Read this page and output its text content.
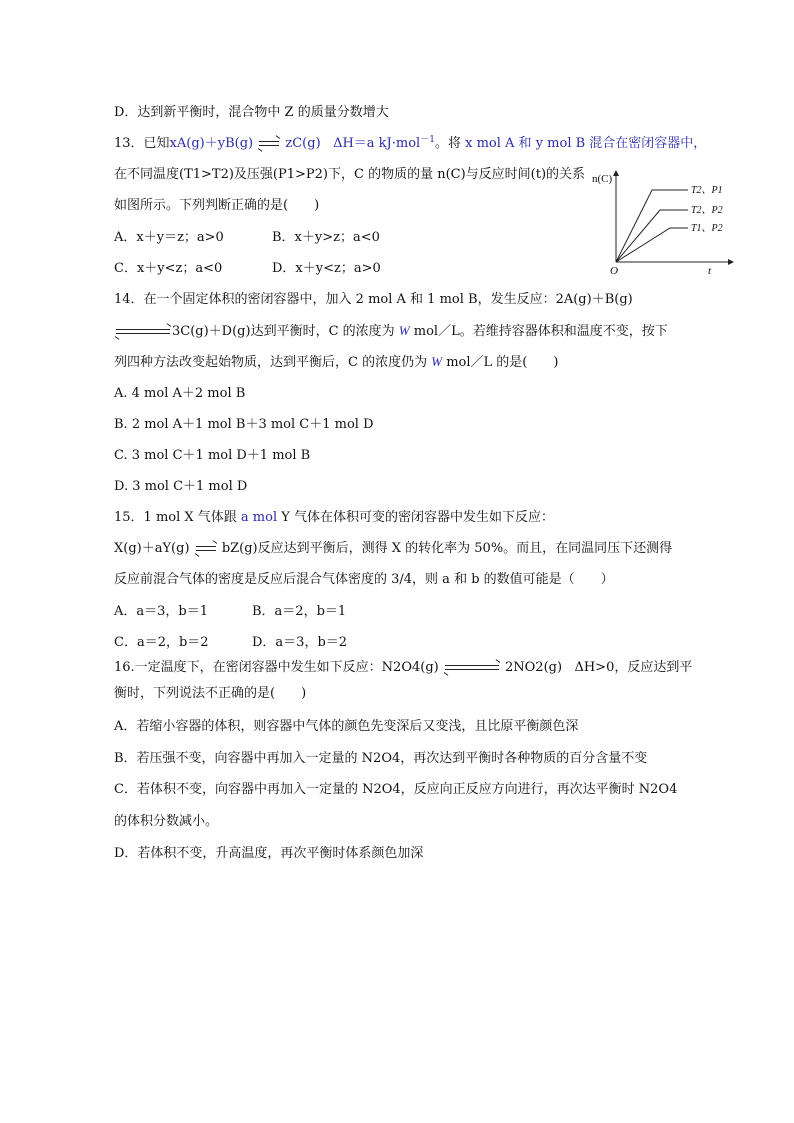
D．达到新平衡时，混合物中 Z 的质量分数增大
13．已知xA(g)＋yB(g) zC(g) ΔH＝a kJ·mol$^{-1}$。将 x mol A 和 y mol B 混合在密闭容器中，
在不同温度(T1>T2)及压强(P1>P2)下，C 的物质的量 n(C)与反应时间(t)的关系
如图所示。下列判断正确的是(　　)
A．x＋y＝z；a>0	B．x＋y>z；a<0
C．x＋y<z；a<0	D．x＋y<z；a>0
n(C)
t
O
T2、P1
T2、P2
T1、P2
14．在一个固定体积的密闭容器中，加入 2 mol A 和 1 mol B，发生反应：2A(g)＋B(g)
3C(g)＋D(g)达到平衡时，C 的浓度为 W mol／L。若维持容器体积和温度不变，按下
列四种方法改变起始物质，达到平衡后，C 的浓度仍为 W mol／L 的是(　　)
A. 4 mol A＋2 mol B
B. 2 mol A＋1 mol B＋3 mol C＋1 mol D
C. 3 mol C＋1 mol D＋1 mol B
D. 3 mol C＋1 mol D
15．1 mol X 气体跟 a mol Y 气体在体积可变的密闭容器中发生如下反应：
X(g)＋aY(g) bZ(g)反应达到平衡后，测得 X 的转化率为 50%。而且，在同温同压下还测得
反应前混合气体的密度是反应后混合气体密度的 3/4，则 a 和 b 的数值可能是（　　）
A．a＝3，b＝1	B．a＝2，b＝1
C．a＝2，b＝2	D．a＝3，b＝2
16.一定温度下，在密闭容器中发生如下反应：N2O4(g)	2NO2(g) ΔH>0，反应达到平
衡时，下列说法不正确的是(　　)
A．若缩小容器的体积，则容器中气体的颜色先变深后又变浅，且比原平衡颜色深
B．若压强不变，向容器中再加入一定量的 N2O4，再次达到平衡时各种物质的百分含量不变
C．若体积不变，向容器中再加入一定量的 N2O4，反应向正反应方向进行，再次达平衡时 N2O4
的体积分数减小。
D．若体积不变，升高温度，再次平衡时体系颜色加深
